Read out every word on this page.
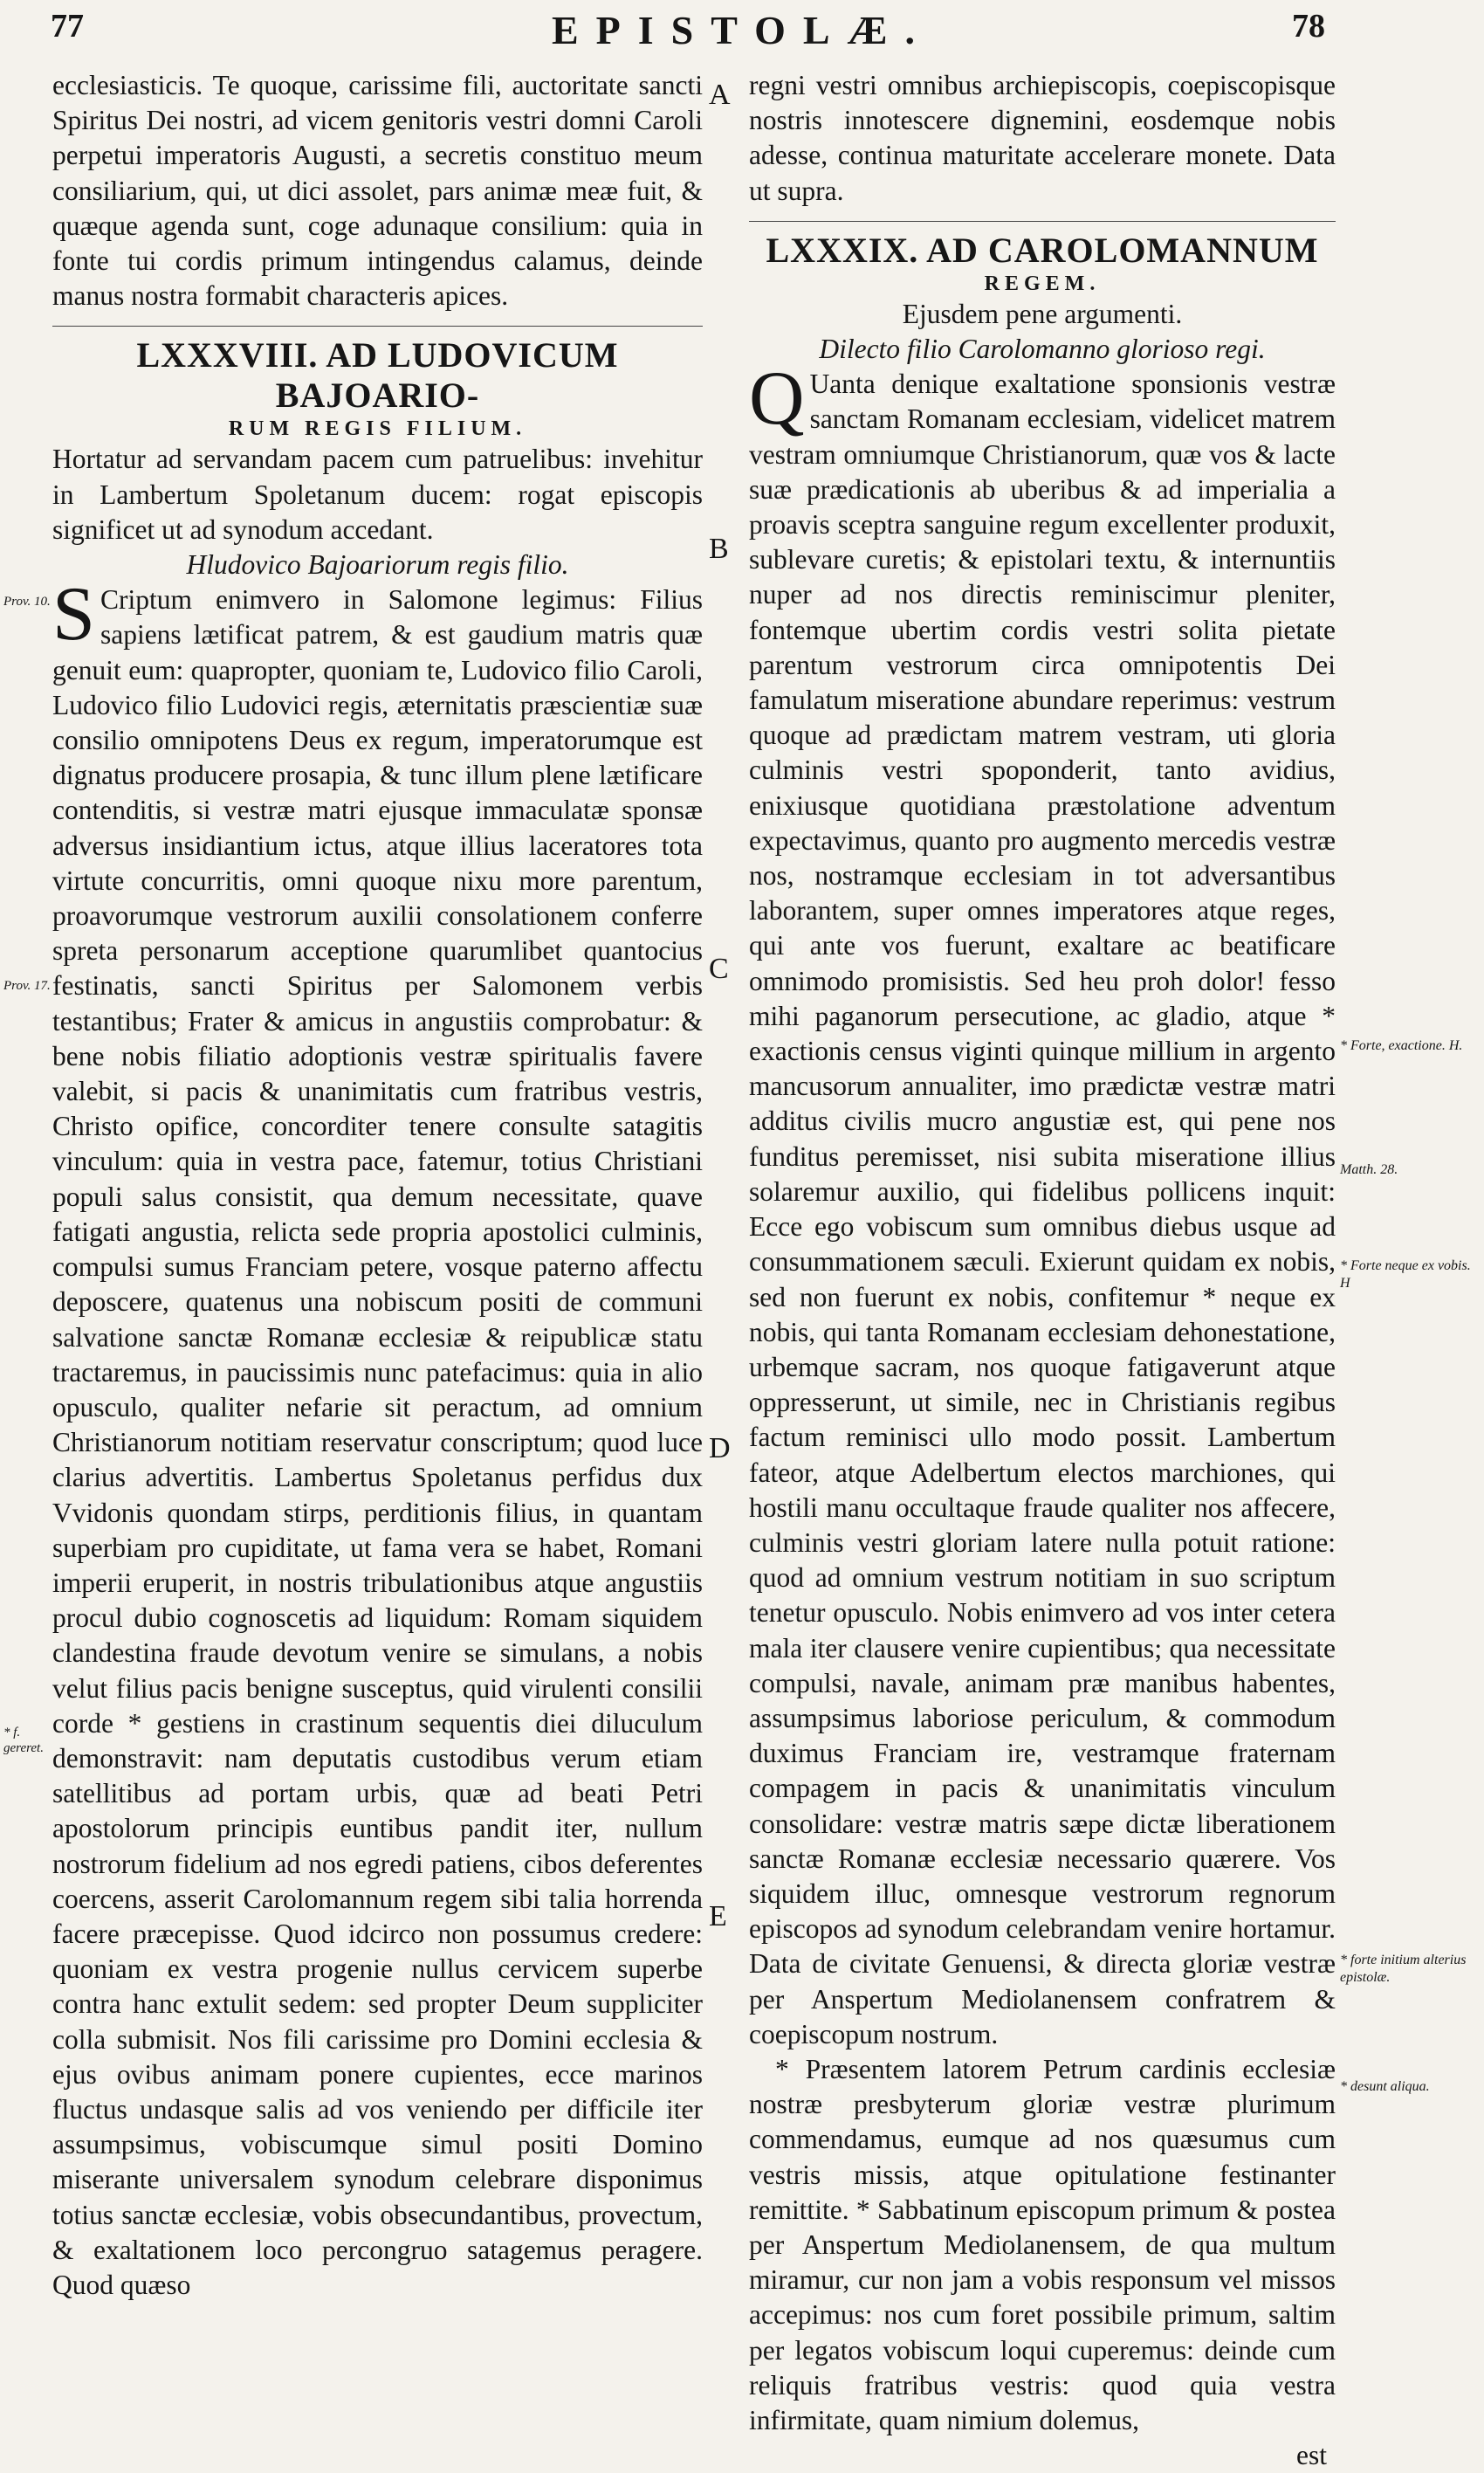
77	EPISTOLÆ.	78
Prov. 10.
Prov. 17.
* f. gereret.

ecclesiasticis. Te quoque, carissime fili, auctoritate sancti Spiritus Dei nostri, ad vicem genitoris vestri domni Caroli perpetui imperatoris Augusti, a secretis constituo meum consiliarium, qui, ut dici assolet, pars animæ meæ fuit, & quæque agenda sunt, coge adunaque consilium: quia in fonte tui cordis primum intingendus calamus, deinde manus nostra formabit characteris apices.

LXXXVIII. AD LUDOVICUM BAJOARIO-

RUM REGIS FILIUM.

Hortatur ad servandam pacem cum patruelibus: invehitur in Lambertum Spoletanum ducem: rogat episcopis significet ut ad synodum accedant.

Hludovico Bajoariorum regis filio.

S Criptum enimvero in Salomone legimus: Filius sapiens lætificat patrem, & est gaudium matris quæ genuit eum: quapropter, quoniam te, Ludovico filio Caroli, Ludovico filio Ludovici regis, æternitatis præscientiæ suæ consilio omnipotens Deus ex regum, imperatorumque est dignatus producere prosapia, & tunc illum plene lætificare contenditis, si vestræ matri ejusque immaculatæ sponsæ adversus insidiantium ictus, atque illius laceratores tota virtute concurritis, omni quoque nixu more parentum, proavorumque vestrorum auxilii consolationem conferre spreta personarum acceptione quarumlibet quantocius festinatis, sancti Spiritus per Salomonem verbis testantibus; Frater & amicus in angustiis comprobatur: & bene nobis filiatio adoptionis vestræ spiritualis favere valebit, si pacis & unanimitatis cum fratribus vestris, Christo opifice, concorditer tenere consulte satagitis vinculum: quia in vestra pace, fatemur, totius Christiani populi salus consistit, qua demum necessitate, quave fatigati angustia, relicta sede propria apostolici culminis, compulsi sumus Franciam petere, vosque paterno affectu deposcere, quatenus una nobiscum positi de communi salvatione sanctæ Romanæ ecclesiæ & reipublicæ statu tractaremus, in paucissimis nunc patefacimus: quia in alio opusculo, qualiter nefarie sit peractum, ad omnium Christianorum notitiam reservatur conscriptum; quod luce clarius advertitis. Lambertus Spoletanus perfidus dux Vvidonis quondam stirps, perditionis filius, in quantam superbiam pro cupiditate, ut fama vera se habet, Romani imperii eruperit, in nostris tribulationibus atque angustiis procul dubio cognoscetis ad liquidum: Romam siquidem clandestina fraude devotum venire se simulans, a nobis velut filius pacis benigne susceptus, quid virulenti consilii corde * gestiens in crastinum sequentis diei diluculum demonstravit: nam deputatis custodibus verum etiam satellitibus ad portam urbis, quæ ad beati Petri apostolorum principis euntibus pandit iter, nullum nostrorum fidelium ad nos egredi patiens, cibos deferentes coercens, asserit Carolomannum regem sibi talia horrenda facere præcepisse. Quod idcirco non possumus credere: quoniam ex vestra progenie nullus cervicem superbe contra hanc extulit sedem: sed propter Deum suppliciter colla submisit. Nos fili carissime pro Domini ecclesia & ejus ovibus animam ponere cupientes, ecce marinos fluctus undasque salis ad vos veniendo per difficile iter assumpsimus, vobiscumque simul positi Domino miserante universalem synodum celebrare disponimus totius sanctæ ecclesiæ, vobis obsecundantibus, provectum, & exaltationem loco percongruo satagemus peragere. Quod quæso

A
B
C
D
E

regni vestri omnibus archiepiscopis, coepiscopisque nostris innotescere dignemini, eosdemque nobis adesse, continua maturitate accelerare monete. Data ut supra.

LXXXIX. AD CAROLOMANNUM

REGEM.

Ejusdem pene argumenti.

Dilecto filio Carolomanno glorioso regi.

Q Uanta denique exaltatione sponsionis vestræ sanctam Romanam ecclesiam, videlicet matrem vestram omniumque Christianorum, quæ vos & lacte suæ prædicationis ab uberibus & ad imperialia a proavis sceptra sanguine regum excellenter produxit, sublevare curetis; & epistolari textu, & internuntiis nuper ad nos directis reminiscimur pleniter, fontemque ubertim cordis vestri solita pietate parentum vestrorum circa omnipotentis Dei famulatum miseratione abundare reperimus: vestrum quoque ad prædictam matrem vestram, uti gloria culminis vestri spoponderit, tanto avidius, enixiusque quotidiana præstolatione adventum expectavimus, quanto pro augmento mercedis vestræ nos, nostramque ecclesiam in tot adversantibus laborantem, super omnes imperatores atque reges, qui ante vos fuerunt, exaltare ac beatificare omnimodo promisistis. Sed heu proh dolor! fesso mihi paganorum persecutione, ac gladio, atque * exactionis census viginti quinque millium in argento mancusorum annualiter, imo prædictæ vestræ matri additus civilis mucro angustiæ est, qui pene nos funditus peremisset, nisi subita miseratione illius solaremur auxilio, qui fidelibus pollicens inquit: Ecce ego vobiscum sum omnibus diebus usque ad consummationem sæculi. Exierunt quidam ex nobis, sed non fuerunt ex nobis, confitemur * neque ex nobis, qui tanta Romanam ecclesiam dehonestatione, urbemque sacram, nos quoque fatigaverunt atque oppresserunt, ut simile, nec in Christianis regibus factum reminisci ullo modo possit. Lambertum fateor, atque Adelbertum electos marchiones, qui hostili manu occultaque fraude qualiter nos affecere, culminis vestri gloriam latere nulla potuit ratione: quod ad omnium vestrum notitiam in suo scriptum tenetur opusculo. Nobis enimvero ad vos inter cetera mala iter clausere venire cupientibus; qua necessitate compulsi, navale, animam præ manibus habentes, assumpsimus laboriose periculum, & commodum duximus Franciam ire, vestramque fraternam compagem in pacis & unanimitatis vinculum consolidare: vestræ matris sæpe dictæ liberationem sanctæ Romanæ ecclesiæ necessario quærere. Vos siquidem illuc, omnesque vestrorum regnorum episcopos ad synodum celebrandam venire hortamur. Data de civitate Genuensi, & directa gloriæ vestræ per Anspertum Mediolanensem confratrem & coepiscopum nostrum.

* Præsentem latorem Petrum cardinis ecclesiæ nostræ presbyterum gloriæ vestræ plurimum commendamus, eumque ad nos quæsumus cum vestris missis, atque opitulatione festinanter remittite. * Sabbatinum episcopum primum & postea per Anspertum Mediolanensem, de qua multum miramur, cur non jam a vobis responsum vel missos accepimus: nos cum foret possibile primum, saltim per legatos vobiscum loqui cuperemus: deinde cum reliquis fratribus vestris: quod quia vestra infirmitate, quam nimium dolemus,

est

* Forte, exactione. H.
Matth. 28.
* Forte neque ex vobis. H
* forte initium alterius epistolæ.
* desunt aliqua.
